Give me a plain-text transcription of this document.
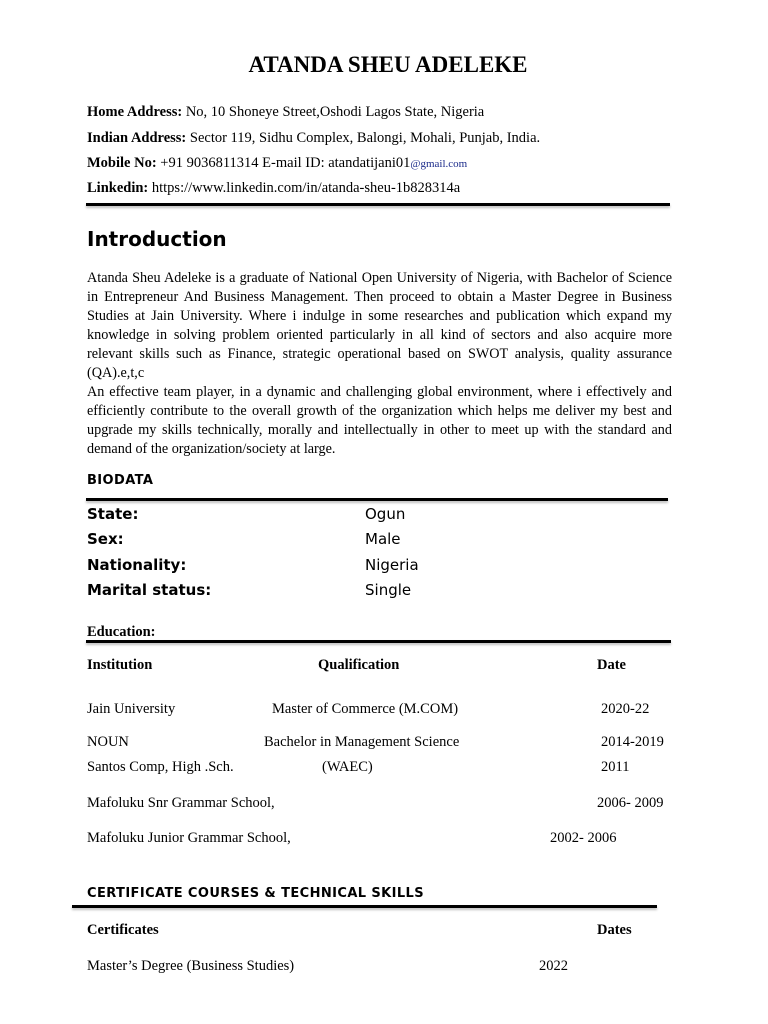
ATANDA SHEU ADELEKE
Home Address: No, 10 Shoneye Street,Oshodi Lagos State, Nigeria
Indian Address: Sector 119, Sidhu Complex, Balongi, Mohali, Punjab, India.
Mobile No: +91 9036811314 E-mail ID: atandatijani01@gmail.com
Linkedin: https://www.linkedin.com/in/atanda-sheu-1b828314a
Introduction
Atanda Sheu Adeleke is a graduate of National Open University of Nigeria, with Bachelor of Science in Entrepreneur And Business Management. Then proceed to obtain a Master Degree in Business Studies at Jain University. Where i indulge in some researches and publication which expand my knowledge in solving problem oriented particularly in all kind of sectors and also acquire more relevant skills such as Finance, strategic operational based on SWOT analysis, quality assurance (QA).e,t,c
An effective team player, in a dynamic and challenging global environment, where i effectively and efficiently contribute to the overall growth of the organization which helps me deliver my best and upgrade my skills technically, morally and intellectually in other to meet up with the standard and demand of the organization/society at large.
BIODATA
State:	Ogun
Sex:	Male
Nationality:	Nigeria
Marital status:	Single
Education:
Institution	Qualification	Date
Jain University	Master of Commerce (M.COM)	2020-22
NOUN	Bachelor in Management Science	2014-2019
Santos Comp, High .Sch.	(WAEC)	2011
Mafoluku Snr Grammar School,	2006- 2009
Mafoluku Junior Grammar School,	2002- 2006
CERTIFICATE COURSES & TECHNICAL SKILLS
Certificates	Dates
Master’s Degree (Business Studies)	2022
